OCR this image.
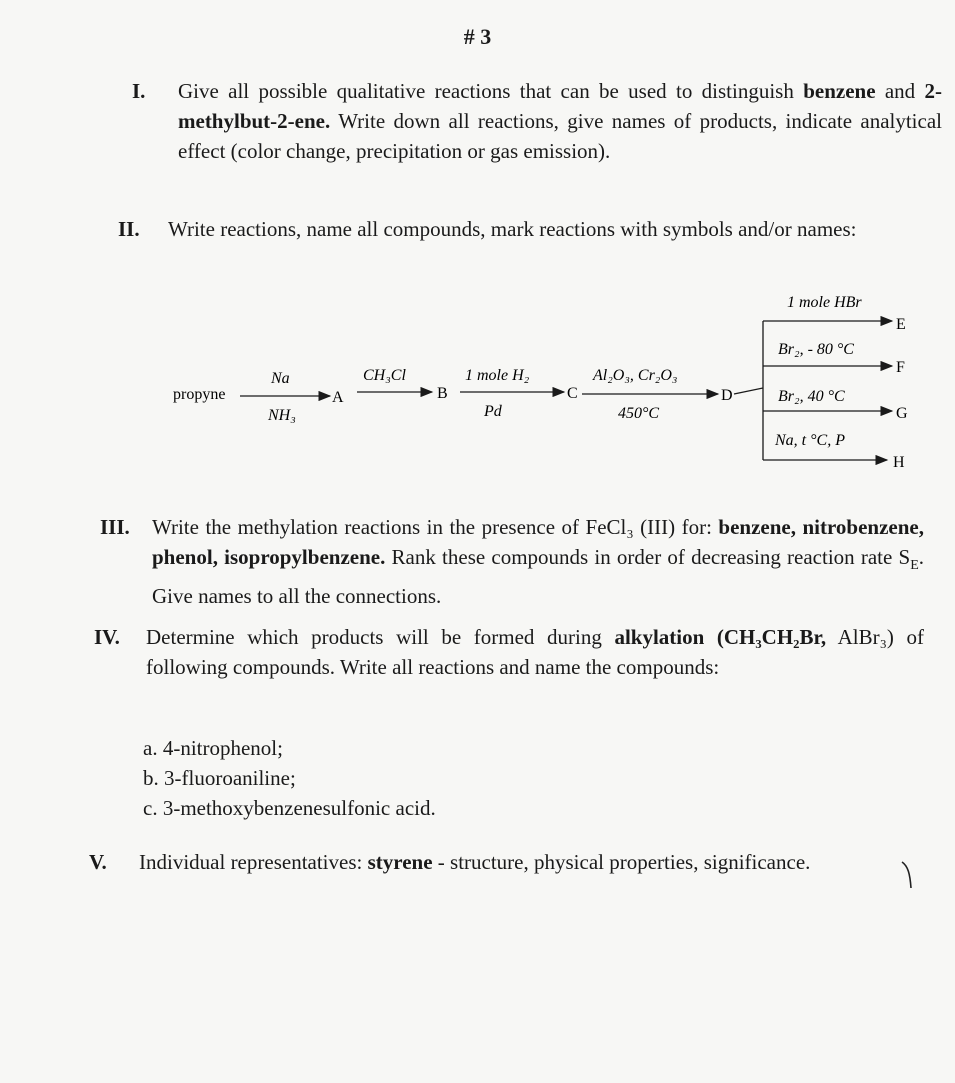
# 3
I. Give all possible qualitative reactions that can be used to distinguish benzene and 2-methylbut-2-ene. Write down all reactions, give names of products, indicate analytical effect (color change, precipitation or gas emission).
II. Write reactions, name all compounds, mark reactions with symbols and/or names:
propyne
Na
NH₃
A
CH₃Cl
B
1 mole H₂
Pd
C
Al₂O₃, Cr₂O₃
450°C
D
1 mole HBr
E
Br₂, - 80 °C
F
Br₂, 40 °C
G
Na, t °C, P
H
III. Write the methylation reactions in the presence of FeCl₃ (III) for: benzene, nitrobenzene, phenol, isopropylbenzene. Rank these compounds in order of decreasing reaction rate $S_E$. Give names to all the connections.
IV. Determine which products will be formed during alkylation (CH₃CH₂Br, AlBr₃) of following compounds. Write all reactions and name the compounds:
a. 4-nitrophenol;
b. 3-fluoroaniline;
c. 3-methoxybenzenesulfonic acid.
V. Individual representatives: styrene - structure, physical properties, significance.
